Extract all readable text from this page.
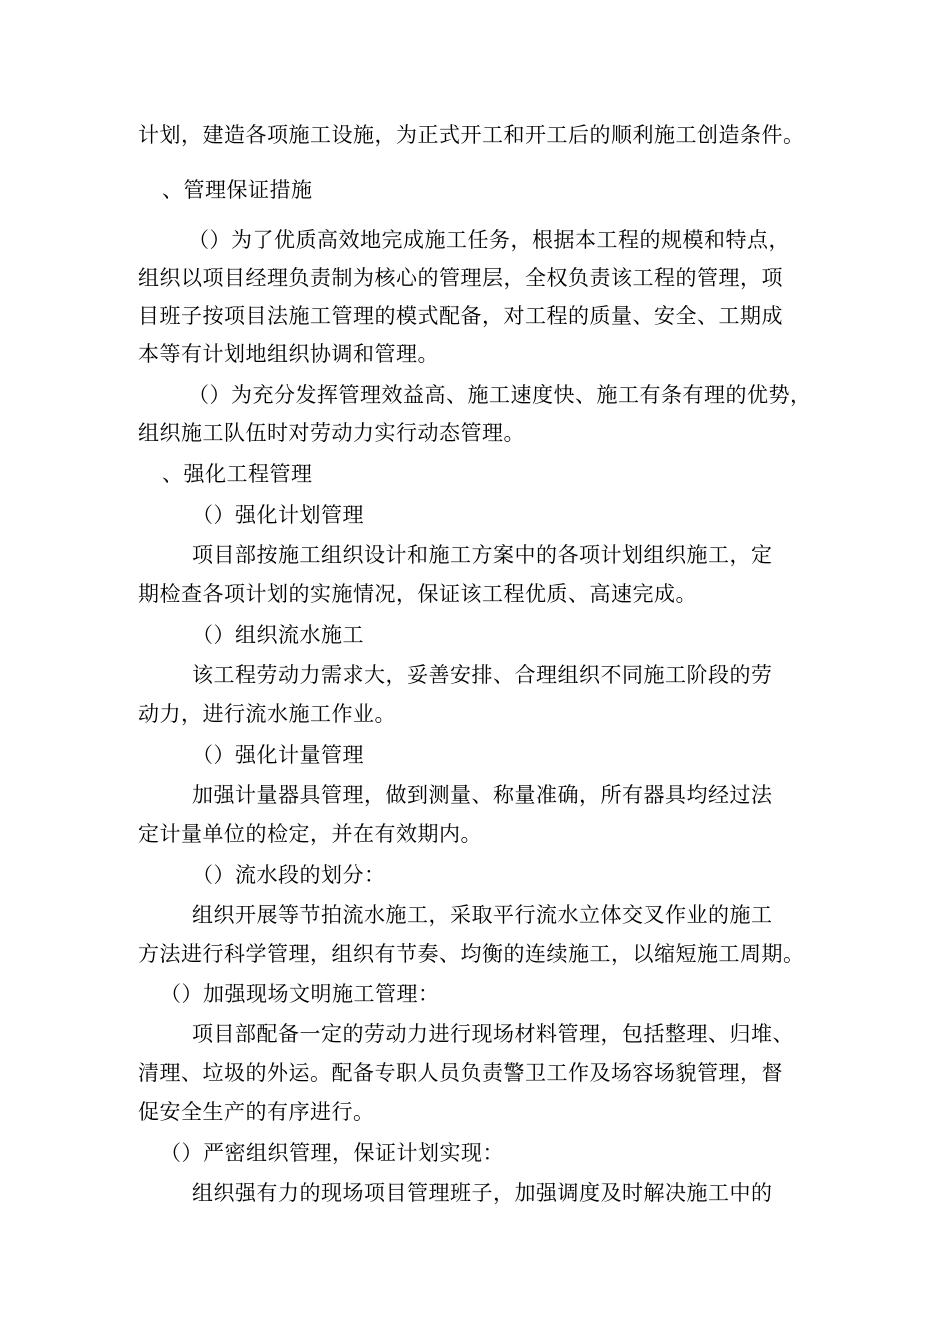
计划，建造各项施工设施，为正式开工和开工后的顺利施工创造条件。
、管理保证措施
（）为了优质高效地完成施工任务，根据本工程的规模和特点，
组织以项目经理负责制为核心的管理层，全权负责该工程的管理，项
目班子按项目法施工管理的模式配备，对工程的质量、安全、工期成
本等有计划地组织协调和管理。
（）为充分发挥管理效益高、施工速度快、施工有条有理的优势，
组织施工队伍时对劳动力实行动态管理。
、强化工程管理
（）强化计划管理
项目部按施工组织设计和施工方案中的各项计划组织施工，定
期检查各项计划的实施情况，保证该工程优质、高速完成。
（）组织流水施工
该工程劳动力需求大，妥善安排、合理组织不同施工阶段的劳
动力，进行流水施工作业。
（）强化计量管理
加强计量器具管理，做到测量、称量准确，所有器具均经过法
定计量单位的检定，并在有效期内。
（）流水段的划分：
组织开展等节拍流水施工，采取平行流水立体交叉作业的施工
方法进行科学管理，组织有节奏、均衡的连续施工，以缩短施工周期。
（）加强现场文明施工管理：
项目部配备一定的劳动力进行现场材料管理，包括整理、归堆、
清理、垃圾的外运。配备专职人员负责警卫工作及场容场貌管理，督
促安全生产的有序进行。
（）严密组织管理，保证计划实现：
组织强有力的现场项目管理班子，加强调度及时解决施工中的
